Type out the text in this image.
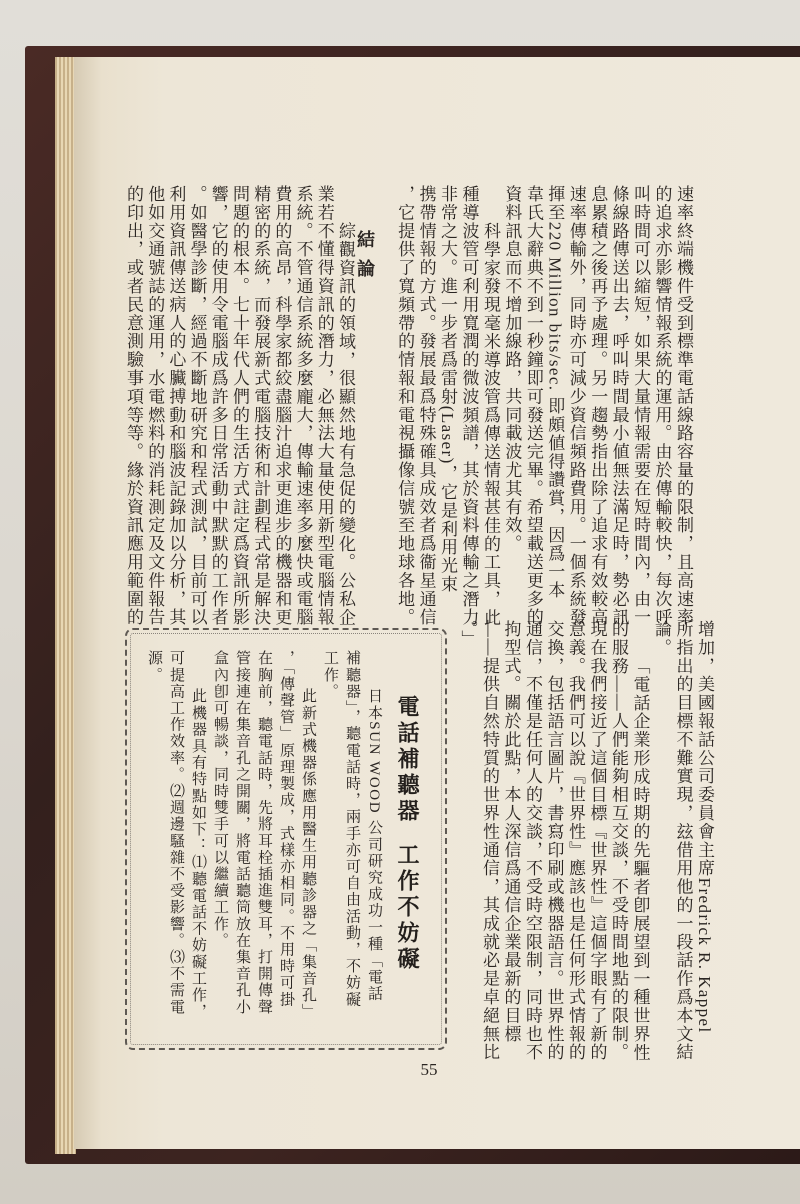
結論
電話補聽器
工作不妨礙
55
速率終端機件受到標準電話線路容量的限制，且高速率
的追求亦影響情報系統的運用。由於傳輸較快，每次呼
叫時間可以縮短，如果大量情報需要在短時間內，由一
條線路傳送出去，呼叫時間最小値無法滿足時，勢必訊
息累積之後再予處理。另一趨勢指出除了追求有效較高
速率傳輸外，同時亦可減少資信頻路費用。一個系統發
揮至220 Million bits/sec. 即頗値得讚賞，因爲一本
韋氏大辭典不到一秒鐘即可發送完畢。希望載送更多的
資料訊息而不增加線路，共同載波尤其有效。
科學家發現毫米導波管爲傳送情報甚佳的工具，此
種導波管可利用寬潤的微波頻譜，其於資料傳輸之潛力
非常之大。進一步者爲雷射(Laser)，它是利用光束
携帶情報的方式。發展最爲特殊確具成效者爲衞星通信
，它提供了寬頻帶的情報和電視攝像信號至地球各地。
綜觀資訊的領域，很顯然地有急促的變化。公私企
業若不懂得資訊的潛力，必無法大量使用新型電腦情報
系統。不管通信系統多麼龐大，傳輸速率多麼快或電腦
費用的高昂，科學家都絞盡腦汁追求更進步的機器和更
精密的系統，而發展新式電腦技術和計劃程式常是解決
問題的根本。七十年代人們的生活方式註定爲資訊所影
響，它的使用令電腦成爲許多日常活動中默默的工作者
。如醫學診斷，經過不斷地研究和程式測試，目前可以
利用資訊傳送病人的心臟搏動和腦波記錄加以分析，其
他如交通號誌的運用，水電燃料的消耗測定及文件報告
的印出，或者民意測驗事項等等。緣於資訊應用範圍的
增加，美國報話公司委員會主席Fredrick R. Kappel
所指出的目標不難實現，玆借用他的一段話作爲本文結
論。
「電話企業形成時期的先驅者卽展望到一種世界性
的服務——人們能夠相互交談，不受時間地點的限制。
現在我們接近了這個目標『世界性』這個字眼有了新的
意義。我們可以說『世界性』應該也是任何形式情報的
交換，包括語言圖片，書寫印刷或機器語言。世界性的
通信，不僅是任何人的交談，不受時空限制，同時也不
拘型式。關於此點，本人深信爲通信企業最新的目標
——提供自然特質的世界性通信，其成就必是卓絕無比
。」
日本SUN WOOD 公司研究成功一種「電話
補聽器」，聽電話時，兩手亦可自由活動，不妨礙
工作。
此新式機器係應用醫生用聽診器之「集音孔」
，「傳聲管」原理製成，式樣亦相同。不用時可掛
在胸前，聽電話時，先將耳栓插進雙耳，打開傳聲
管接連在集音孔之開關，將電話聽筒放在集音孔小
盒內卽可暢談，同時雙手可以繼續工作。
此機器具有特點如下：⑴聽電話不妨礙工作，
可提高工作效率。⑵週邊騷雜不受影響。⑶不需電
源。
